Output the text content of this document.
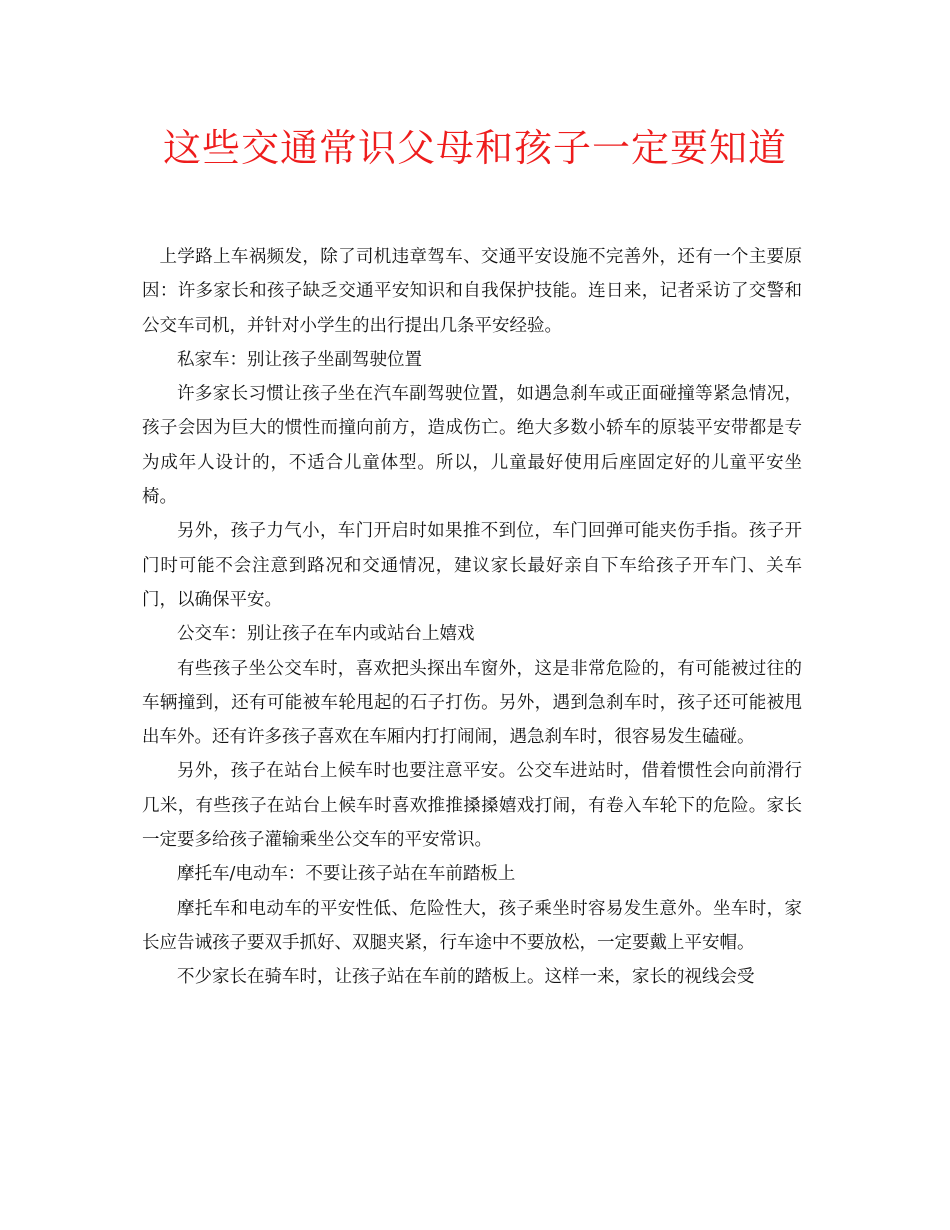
这些交通常识父母和孩子一定要知道

上学路上车祸频发，除了司机违章驾车、交通平安设施不完善外，还有一个主要原因：许多家长和孩子缺乏交通平安知识和自我保护技能。连日来，记者采访了交警和公交车司机，并针对小学生的出行提出几条平安经验。

私家车：别让孩子坐副驾驶位置

许多家长习惯让孩子坐在汽车副驾驶位置，如遇急刹车或正面碰撞等紧急情况，孩子会因为巨大的惯性而撞向前方，造成伤亡。绝大多数小轿车的原装平安带都是专为成年人设计的，不适合儿童体型。所以，儿童最好使用后座固定好的儿童平安坐椅。

另外，孩子力气小，车门开启时如果推不到位，车门回弹可能夹伤手指。孩子开门时可能不会注意到路况和交通情况，建议家长最好亲自下车给孩子开车门、关车门，以确保平安。

公交车：别让孩子在车内或站台上嬉戏

有些孩子坐公交车时，喜欢把头探出车窗外，这是非常危险的，有可能被过往的车辆撞到，还有可能被车轮甩起的石子打伤。另外，遇到急刹车时，孩子还可能被甩出车外。还有许多孩子喜欢在车厢内打打闹闹，遇急刹车时，很容易发生磕碰。

另外，孩子在站台上候车时也要注意平安。公交车进站时，借着惯性会向前滑行几米，有些孩子在站台上候车时喜欢推推搡搡嬉戏打闹，有卷入车轮下的危险。家长一定要多给孩子灌输乘坐公交车的平安常识。

摩托车/电动车：不要让孩子站在车前踏板上

摩托车和电动车的平安性低、危险性大，孩子乘坐时容易发生意外。坐车时，家长应告诫孩子要双手抓好、双腿夹紧，行车途中不要放松，一定要戴上平安帽。

不少家长在骑车时，让孩子站在车前的踏板上。这样一来，家长的视线会受
